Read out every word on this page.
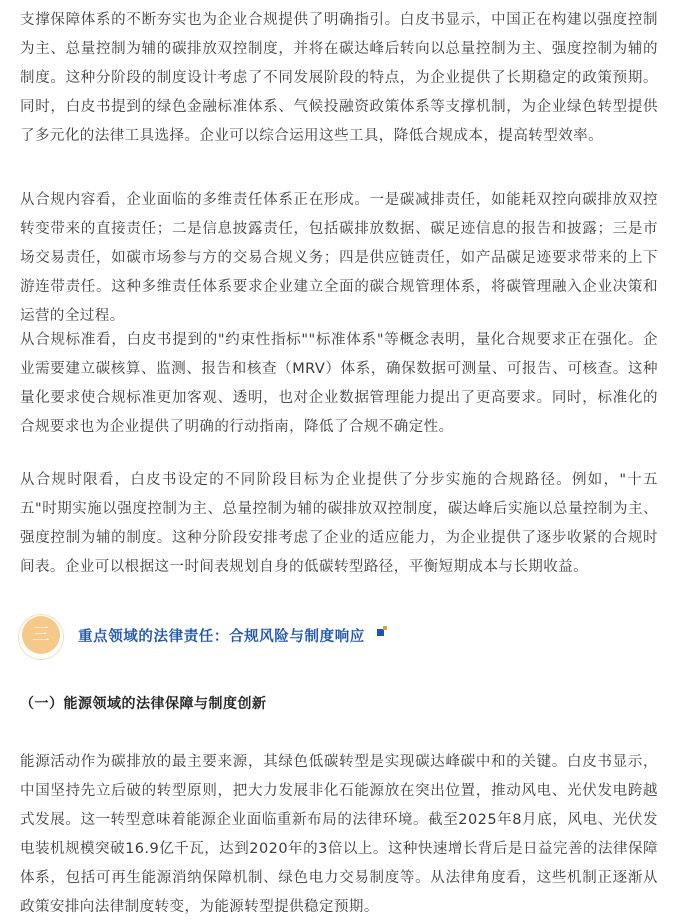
支撑保障体系的不断夯实也为企业合规提供了明确指引。白皮书显示，中国正在构建以强度控制为主、总量控制为辅的碳排放双控制度，并将在碳达峰后转向以总量控制为主、强度控制为辅的制度。这种分阶段的制度设计考虑了不同发展阶段的特点，为企业提供了长期稳定的政策预期。同时，白皮书提到的绿色金融标准体系、气候投融资政策体系等支撑机制，为企业绿色转型提供了多元化的法律工具选择。企业可以综合运用这些工具，降低合规成本，提高转型效率。

从合规内容看，企业面临的多维责任体系正在形成。一是碳减排责任，如能耗双控向碳排放双控转变带来的直接责任；二是信息披露责任，包括碳排放数据、碳足迹信息的报告和披露；三是市场交易责任，如碳市场参与方的交易合规义务；四是供应链责任，如产品碳足迹要求带来的上下游连带责任。这种多维责任体系要求企业建立全面的碳合规管理体系，将碳管理融入企业决策和运营的全过程。

从合规标准看，白皮书提到的"约束性指标""标准体系"等概念表明，量化合规要求正在强化。企业需要建立碳核算、监测、报告和核查（MRV）体系，确保数据可测量、可报告、可核查。这种量化要求使合规标准更加客观、透明，也对企业数据管理能力提出了更高要求。同时，标准化的合规要求也为企业提供了明确的行动指南，降低了合规不确定性。

从合规时限看，白皮书设定的不同阶段目标为企业提供了分步实施的合规路径。例如，"十五五"时期实施以强度控制为主、总量控制为辅的碳排放双控制度，碳达峰后实施以总量控制为主、强度控制为辅的制度。这种分阶段安排考虑了企业的适应能力，为企业提供了逐步收紧的合规时间表。企业可以根据这一时间表规划自身的低碳转型路径，平衡短期成本与长期收益。

三	重点领域的法律责任：合规风险与制度响应
（一）能源领域的法律保障与制度创新

能源活动作为碳排放的最主要来源，其绿色低碳转型是实现碳达峰碳中和的关键。白皮书显示，中国坚持先立后破的转型原则，把大力发展非化石能源放在突出位置，推动风电、光伏发电跨越式发展。这一转型意味着能源企业面临重新布局的法律环境。截至2025年8月底，风电、光伏发电装机规模突破16.9亿千瓦，达到2020年的3倍以上。这种快速增长背后是日益完善的法律保障体系，包括可再生能源消纳保障机制、绿色电力交易制度等。从法律角度看，这些机制正逐渐从政策安排向法律制度转变，为能源转型提供稳定预期。
